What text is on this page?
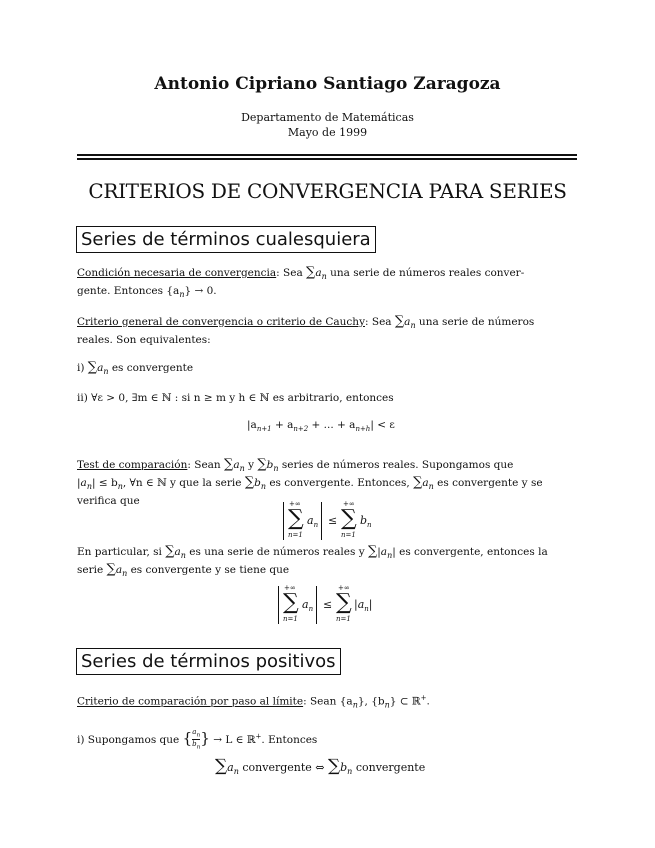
Antonio Cipriano Santiago Zaragoza
Departamento de Matemáticas
Mayo de 1999
CRITERIOS DE CONVERGENCIA PARA SERIES
Series de términos cualesquiera
Condición necesaria de convergencia: Sea $\sum a_n$ una serie de números reales conver-
gente. Entonces $\{a_n\} \to 0$.
Criterio general de convergencia o criterio de Cauchy: Sea $\sum a_n$ una serie de números
reales. Son equivalentes:
i) $\sum a_n$ es convergente
ii) ∀ε > 0, ∃m ∈ ℕ : si n ≥ m y h ∈ ℕ es arbitrario, entonces
$|a_{n+1} + a_{n+2}$ + ... + $a_{n+h}| < \varepsilon$
Test de comparación: Sean $\sum a_n$ y $\sum b_n$ series de números reales. Supongamos que
$|a_n| \le b_n$, ∀n ∈ ℕ y que la serie $\sum b_n$ es convergente. Entonces, $\sum a_n$ es convergente y se
verifica que	+∞
∑
n=1
$a_n$ ≤
+∞
∑
n=1
$b_n$
En particular, si $\sum a_n$ es una serie de números reales y $\sum|a_n|$ es convergente, entonces la
serie $\sum a_n$ es convergente y se tiene que
+∞
∑
n=1
$a_n$ ≤
+∞
∑
n=1
$|a_n|$
Series de términos positivos
Criterio de comparación por paso al límite: Sean $\{a_n\}$, $\{b_n\}$ ⊂ ℝ+.
i) Supongamos que { $\frac{a_n}{b_n}$ } → L ∈ ℝ+. Entonces
$\sum a_n$ convergente ⇔ $\sum b_n$ convergente
